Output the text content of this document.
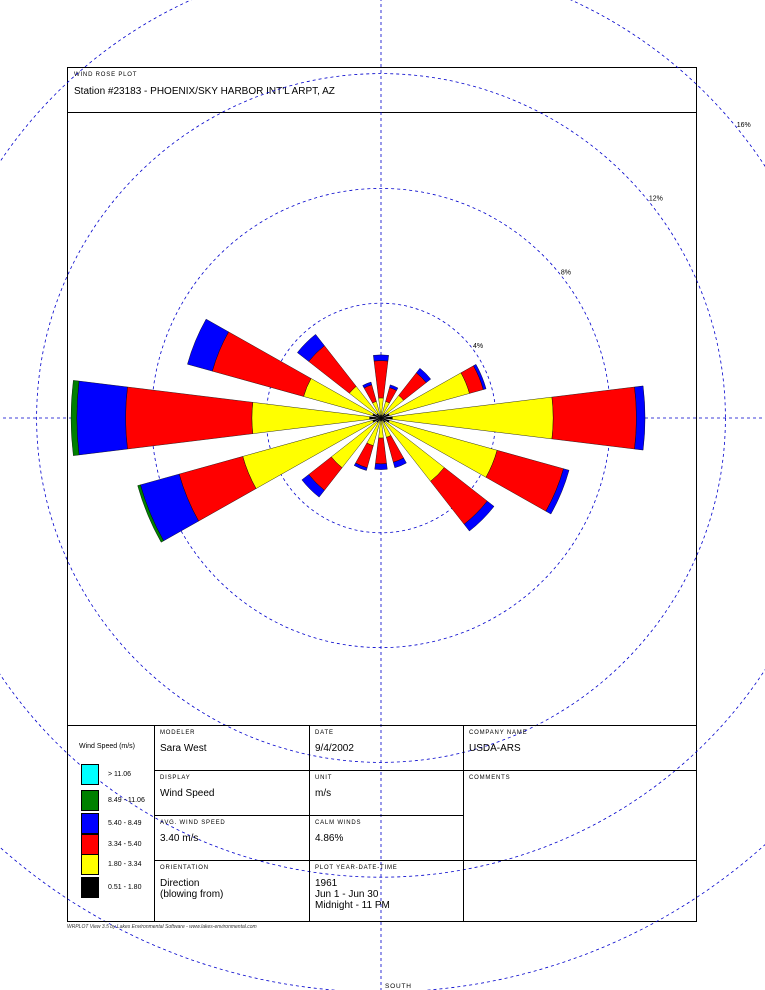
WIND ROSE PLOT
Station #23183 - PHOENIX/SKY HARBOR INT'L ARPT, AZ
4%
8%
12%
16%
SOUTH
Wind Speed (m/s)
> 11.06
8.49 - 11.06
5.40 - 8.49
3.34 - 5.40
1.80 - 3.34
0.51 - 1.80
MODELER
Sara West
DATE
9/4/2002
COMPANY NAME
USDA-ARS
DISPLAY
Wind Speed
UNIT
m/s
COMMENTS
AVG. WIND SPEED
3.40 m/s
CALM WINDS
4.86%
ORIENTATION
Direction
(blowing from)
PLOT YEAR-DATE-TIME
1961
Jun 1 - Jun 30
Midnight - 11 PM
WRPLOT View 3.5 by Lakes Environmental Software - www.lakes-environmental.com
